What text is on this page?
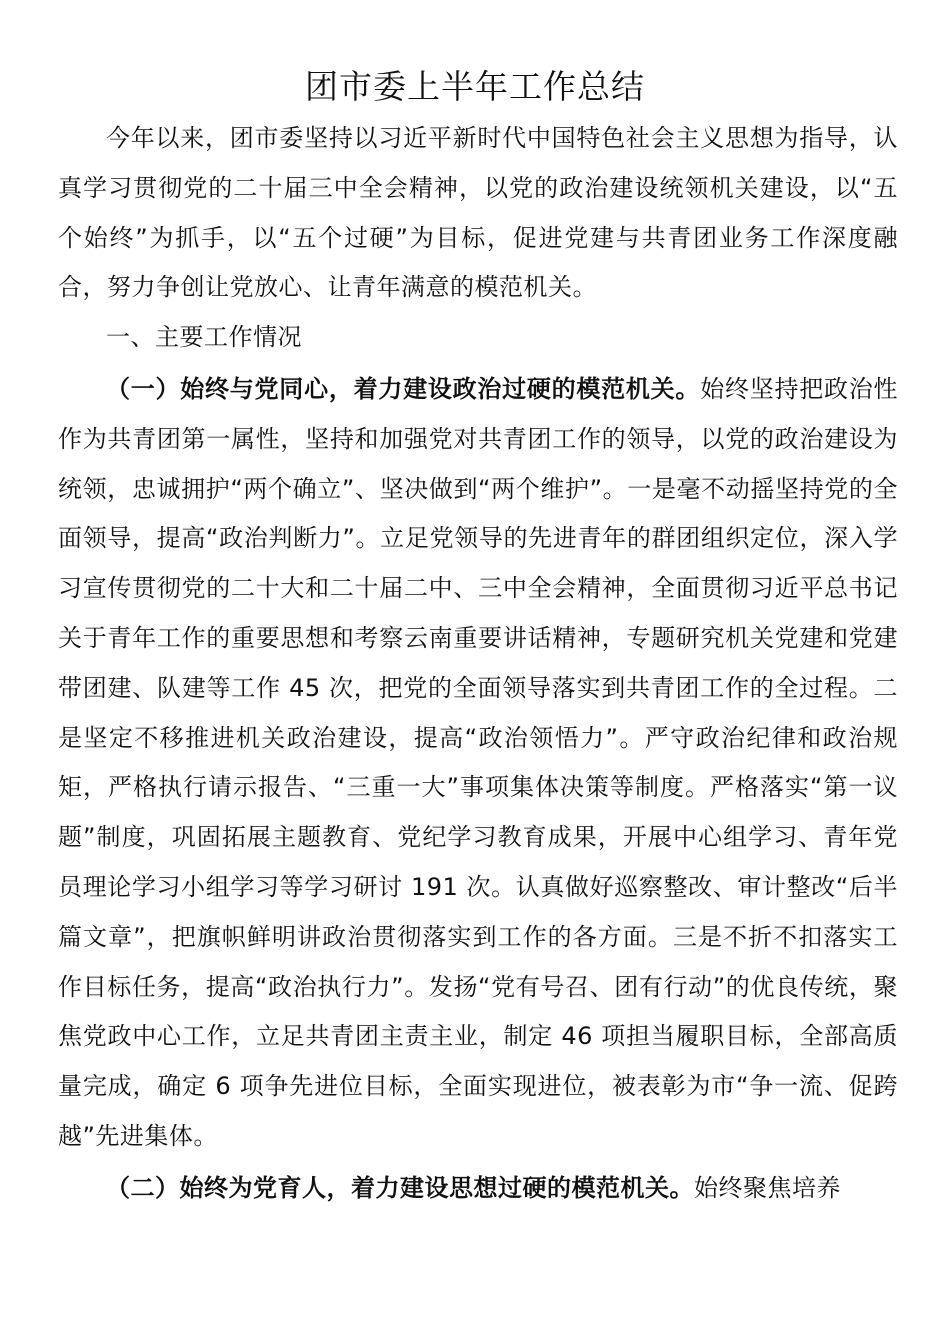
团市委上半年工作总结

今年以来，团市委坚持以习近平新时代中国特色社会主义思想为指导，认真学习贯彻党的二十届三中全会精神，以党的政治建设统领机关建设，以“五个始终”为抓手，以“五个过硬”为目标，促进党建与共青团业务工作深度融合，努力争创让党放心、让青年满意的模范机关。

一、主要工作情况

（一）始终与党同心，着力建设政治过硬的模范机关。始终坚持把政治性作为共青团第一属性，坚持和加强党对共青团工作的领导，以党的政治建设为统领，忠诚拥护“两个确立”、坚决做到“两个维护”。一是毫不动摇坚持党的全面领导，提高“政治判断力”。立足党领导的先进青年的群团组织定位，深入学习宣传贯彻党的二十大和二十届二中、三中全会精神，全面贯彻习近平总书记关于青年工作的重要思想和考察云南重要讲话精神，专题研究机关党建和党建带团建、队建等工作 45 次，把党的全面领导落实到共青团工作的全过程。二是坚定不移推进机关政治建设，提高“政治领悟力”。严守政治纪律和政治规矩，严格执行请示报告、“三重一大”事项集体决策等制度。严格落实“第一议题”制度，巩固拓展主题教育、党纪学习教育成果，开展中心组学习、青年党员理论学习小组学习等学习研讨 191 次。认真做好巡察整改、审计整改“后半篇文章”，把旗帜鲜明讲政治贯彻落实到工作的各方面。三是不折不扣落实工作目标任务，提高“政治执行力”。发扬“党有号召、团有行动”的优良传统，聚焦党政中心工作，立足共青团主责主业，制定 46 项担当履职目标，全部高质量完成，确定 6 项争先进位目标，全面实现进位，被表彰为市“争一流、促跨越”先进集体。

（二）始终为党育人，着力建设思想过硬的模范机关。始终聚焦培养
